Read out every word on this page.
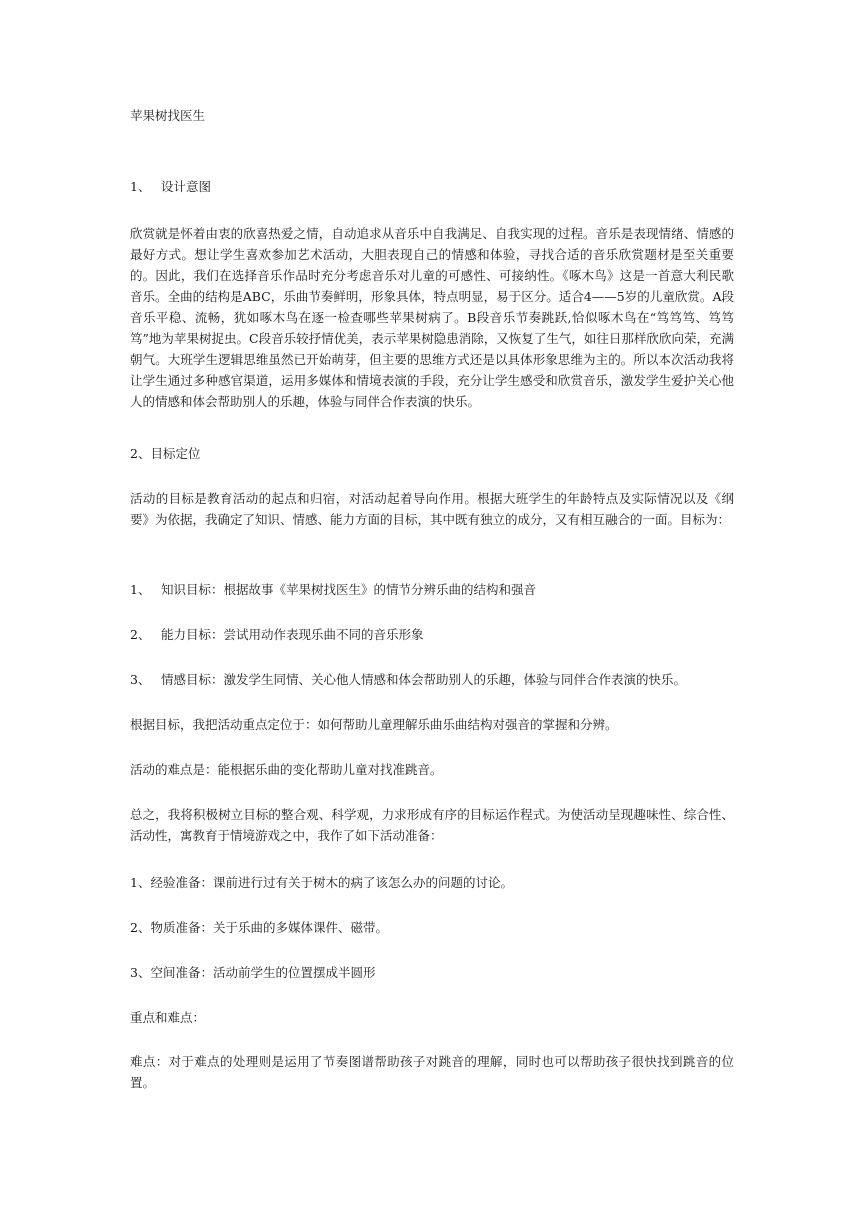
苹果树找医生

1、 设计意图

欣赏就是怀着由衷的欣喜热爱之情，自动追求从音乐中自我满足、自我实现的过程。音乐是表现情绪、情感的最好方式。想让学生喜欢参加艺术活动，大胆表现自己的情感和体验，寻找合适的音乐欣赏题材是至关重要的。因此，我们在选择音乐作品时充分考虑音乐对儿童的可感性、可接纳性。《啄木鸟》这是一首意大利民歌音乐。全曲的结构是ABC，乐曲节奏鲜明，形象具体，特点明显，易于区分。适合4——5岁的儿童欣赏。A段音乐平稳、流畅，犹如啄木鸟在逐一检查哪些苹果树病了。B段音乐节奏跳跃,恰似啄木鸟在“笃笃笃、笃笃笃”地为苹果树捉虫。C段音乐较抒情优美，表示苹果树隐患消除，又恢复了生气，如往日那样欣欣向荣，充满朝气。大班学生逻辑思维虽然已开始萌芽，但主要的思维方式还是以具体形象思维为主的。所以本次活动我将让学生通过多种感官渠道，运用多媒体和情境表演的手段，充分让学生感受和欣赏音乐，激发学生爱护关心他人的情感和体会帮助别人的乐趣，体验与同伴合作表演的快乐。

2、目标定位

活动的目标是教育活动的起点和归宿，对活动起着导向作用。根据大班学生的年龄特点及实际情况以及《纲要》为依据，我确定了知识、情感、能力方面的目标，其中既有独立的成分，又有相互融合的一面。目标为：

1、 知识目标：根据故事《苹果树找医生》的情节分辨乐曲的结构和强音

2、 能力目标：尝试用动作表现乐曲不同的音乐形象

3、 情感目标：激发学生同情、关心他人情感和体会帮助别人的乐趣，体验与同伴合作表演的快乐。

根据目标，我把活动重点定位于：如何帮助儿童理解乐曲乐曲结构对强音的掌握和分辨。

活动的难点是：能根据乐曲的变化帮助儿童对找准跳音。

总之，我将积极树立目标的整合观、科学观，力求形成有序的目标运作程式。为使活动呈现趣味性、综合性、活动性，寓教育于情境游戏之中，我作了如下活动准备：

1、经验准备：课前进行过有关于树木的病了该怎么办的问题的讨论。

2、物质准备：关于乐曲的多媒体课件、磁带。

3、空间准备：活动前学生的位置摆成半圆形

重点和难点：

难点：对于难点的处理则是运用了节奏图谱帮助孩子对跳音的理解，同时也可以帮助孩子很快找到跳音的位置。
